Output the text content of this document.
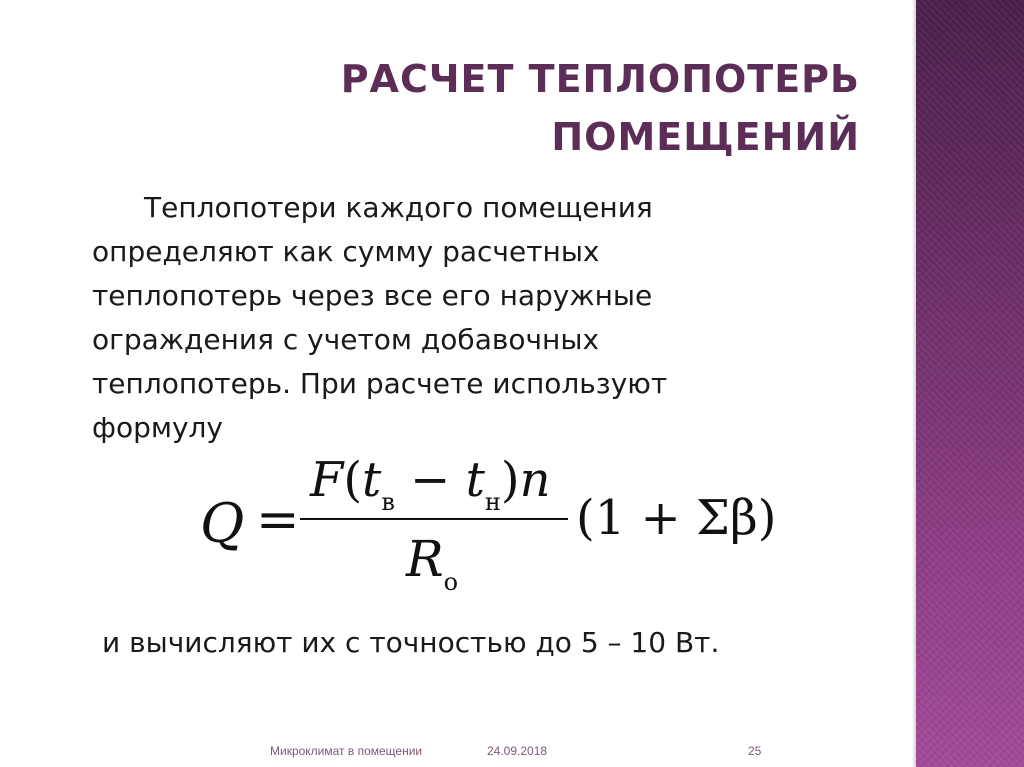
РАСЧЕТ ТЕПЛОПОТЕРЬ
ПОМЕЩЕНИЙ
Теплопотери каждого помещения
определяют как сумму расчетных
теплопотерь через все его наружные
ограждения с учетом добавочных
теплопотерь. При расчете используют
формулу
Q =
$F(t_в - t_н)n$
$R_о$
(1 + Σβ)
и вычисляют их с точностью до 5 – 10 Вт.
Микроклимат в помещении	24.09.2018	25
